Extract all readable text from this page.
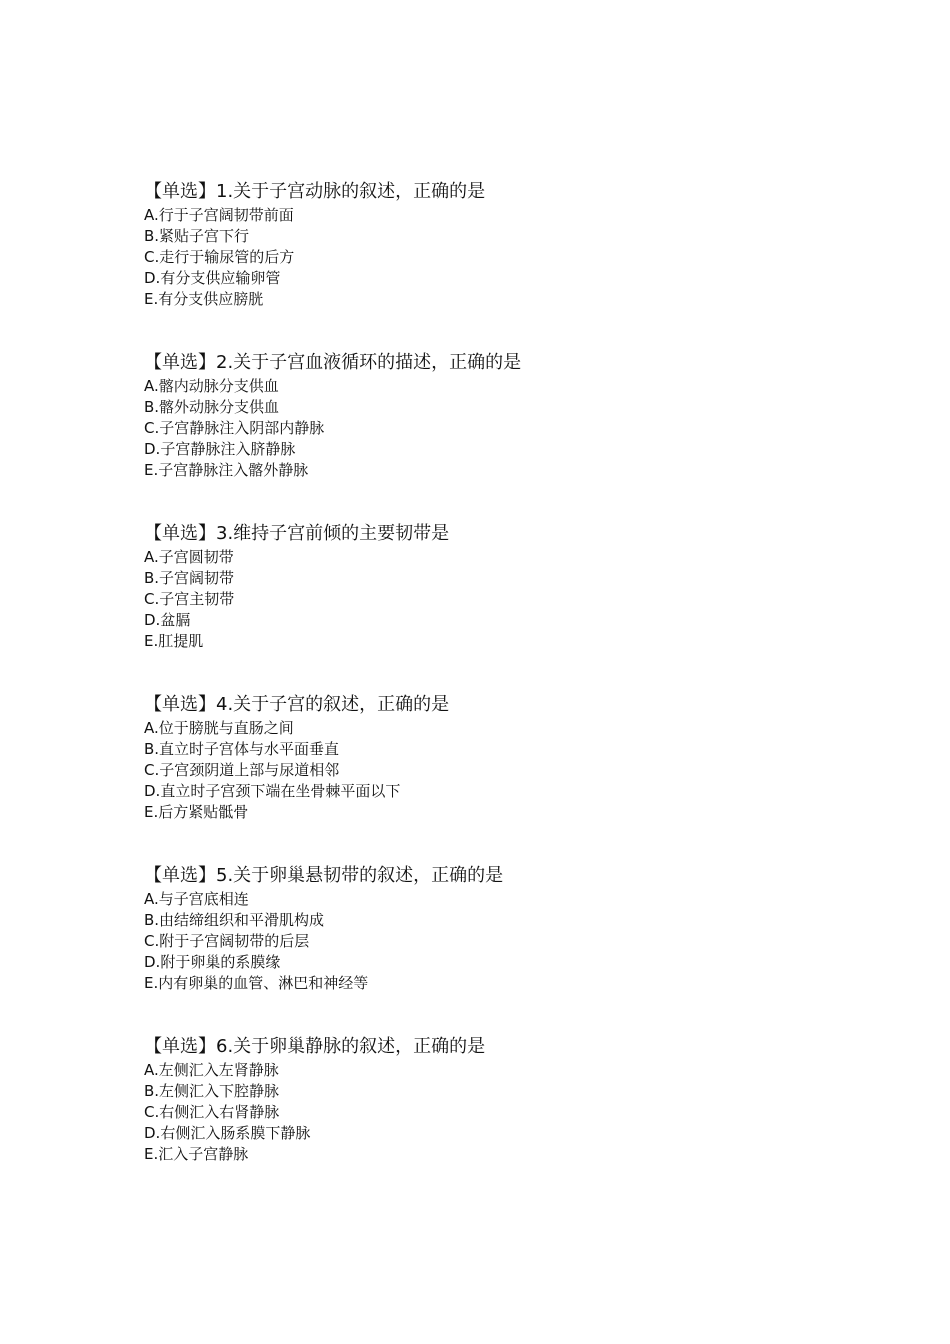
【单选】1.关于子宫动脉的叙述，正确的是
A.行于子宫阔韧带前面
B.紧贴子宫下行
C.走行于输尿管的后方
D.有分支供应输卵管
E.有分支供应膀胱
【单选】2.关于子宫血液循环的描述，正确的是
A.髂内动脉分支供血
B.髂外动脉分支供血
C.子宫静脉注入阴部内静脉
D.子宫静脉注入脐静脉
E.子宫静脉注入髂外静脉
【单选】3.维持子宫前倾的主要韧带是
A.子宫圆韧带
B.子宫阔韧带
C.子宫主韧带
D.盆膈
E.肛提肌
【单选】4.关于子宫的叙述，正确的是
A.位于膀胱与直肠之间
B.直立时子宫体与水平面垂直
C.子宫颈阴道上部与尿道相邻
D.直立时子宫颈下端在坐骨棘平面以下
E.后方紧贴骶骨
【单选】5.关于卵巢悬韧带的叙述，正确的是
A.与子宫底相连
B.由结缔组织和平滑肌构成
C.附于子宫阔韧带的后层
D.附于卵巢的系膜缘
E.内有卵巢的血管、淋巴和神经等
【单选】6.关于卵巢静脉的叙述，正确的是
A.左侧汇入左肾静脉
B.左侧汇入下腔静脉
C.右侧汇入右肾静脉
D.右侧汇入肠系膜下静脉
E.汇入子宫静脉
